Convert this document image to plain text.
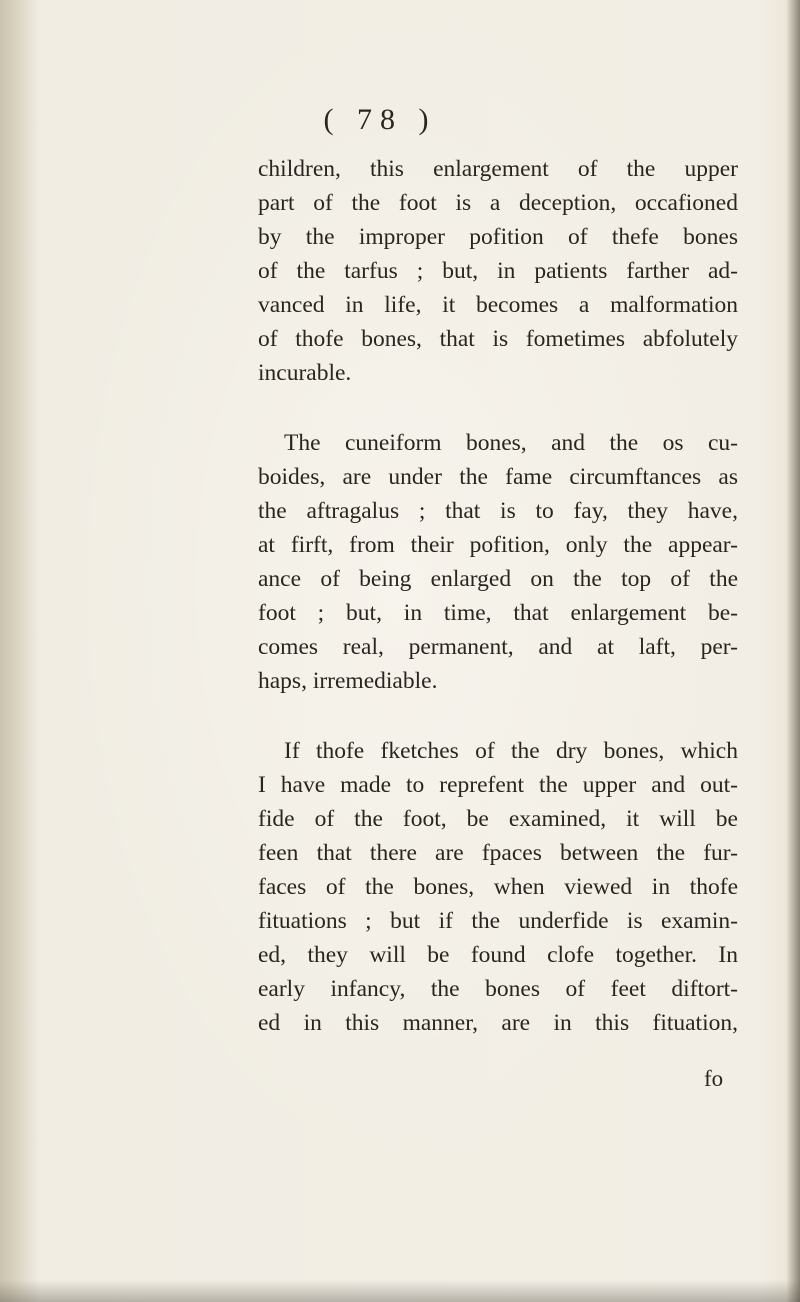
( 78 )
children, this enlargement of the upper
part of the foot is a deception, occafioned
by the improper pofition of thefe bones
of the tarfus ; but, in patients farther ad-
vanced in life, it becomes a malformation
of thofe bones, that is fometimes abfolutely
incurable.
The cuneiform bones, and the os cu-
boides, are under the fame circumftances as
the aftragalus ; that is to fay, they have,
at firft, from their pofition, only the appear-
ance of being enlarged on the top of the
foot ; but, in time, that enlargement be-
comes real, permanent, and at laft, per-
haps, irremediable.
If thofe fketches of the dry bones, which
I have made to reprefent the upper and out-
fide of the foot, be examined, it will be
feen that there are fpaces between the fur-
faces of the bones, when viewed in thofe
fituations ; but if the underfide is examin-
ed, they will be found clofe together. In
early infancy, the bones of feet diftort-
ed in this manner, are in this fituation,
fo
